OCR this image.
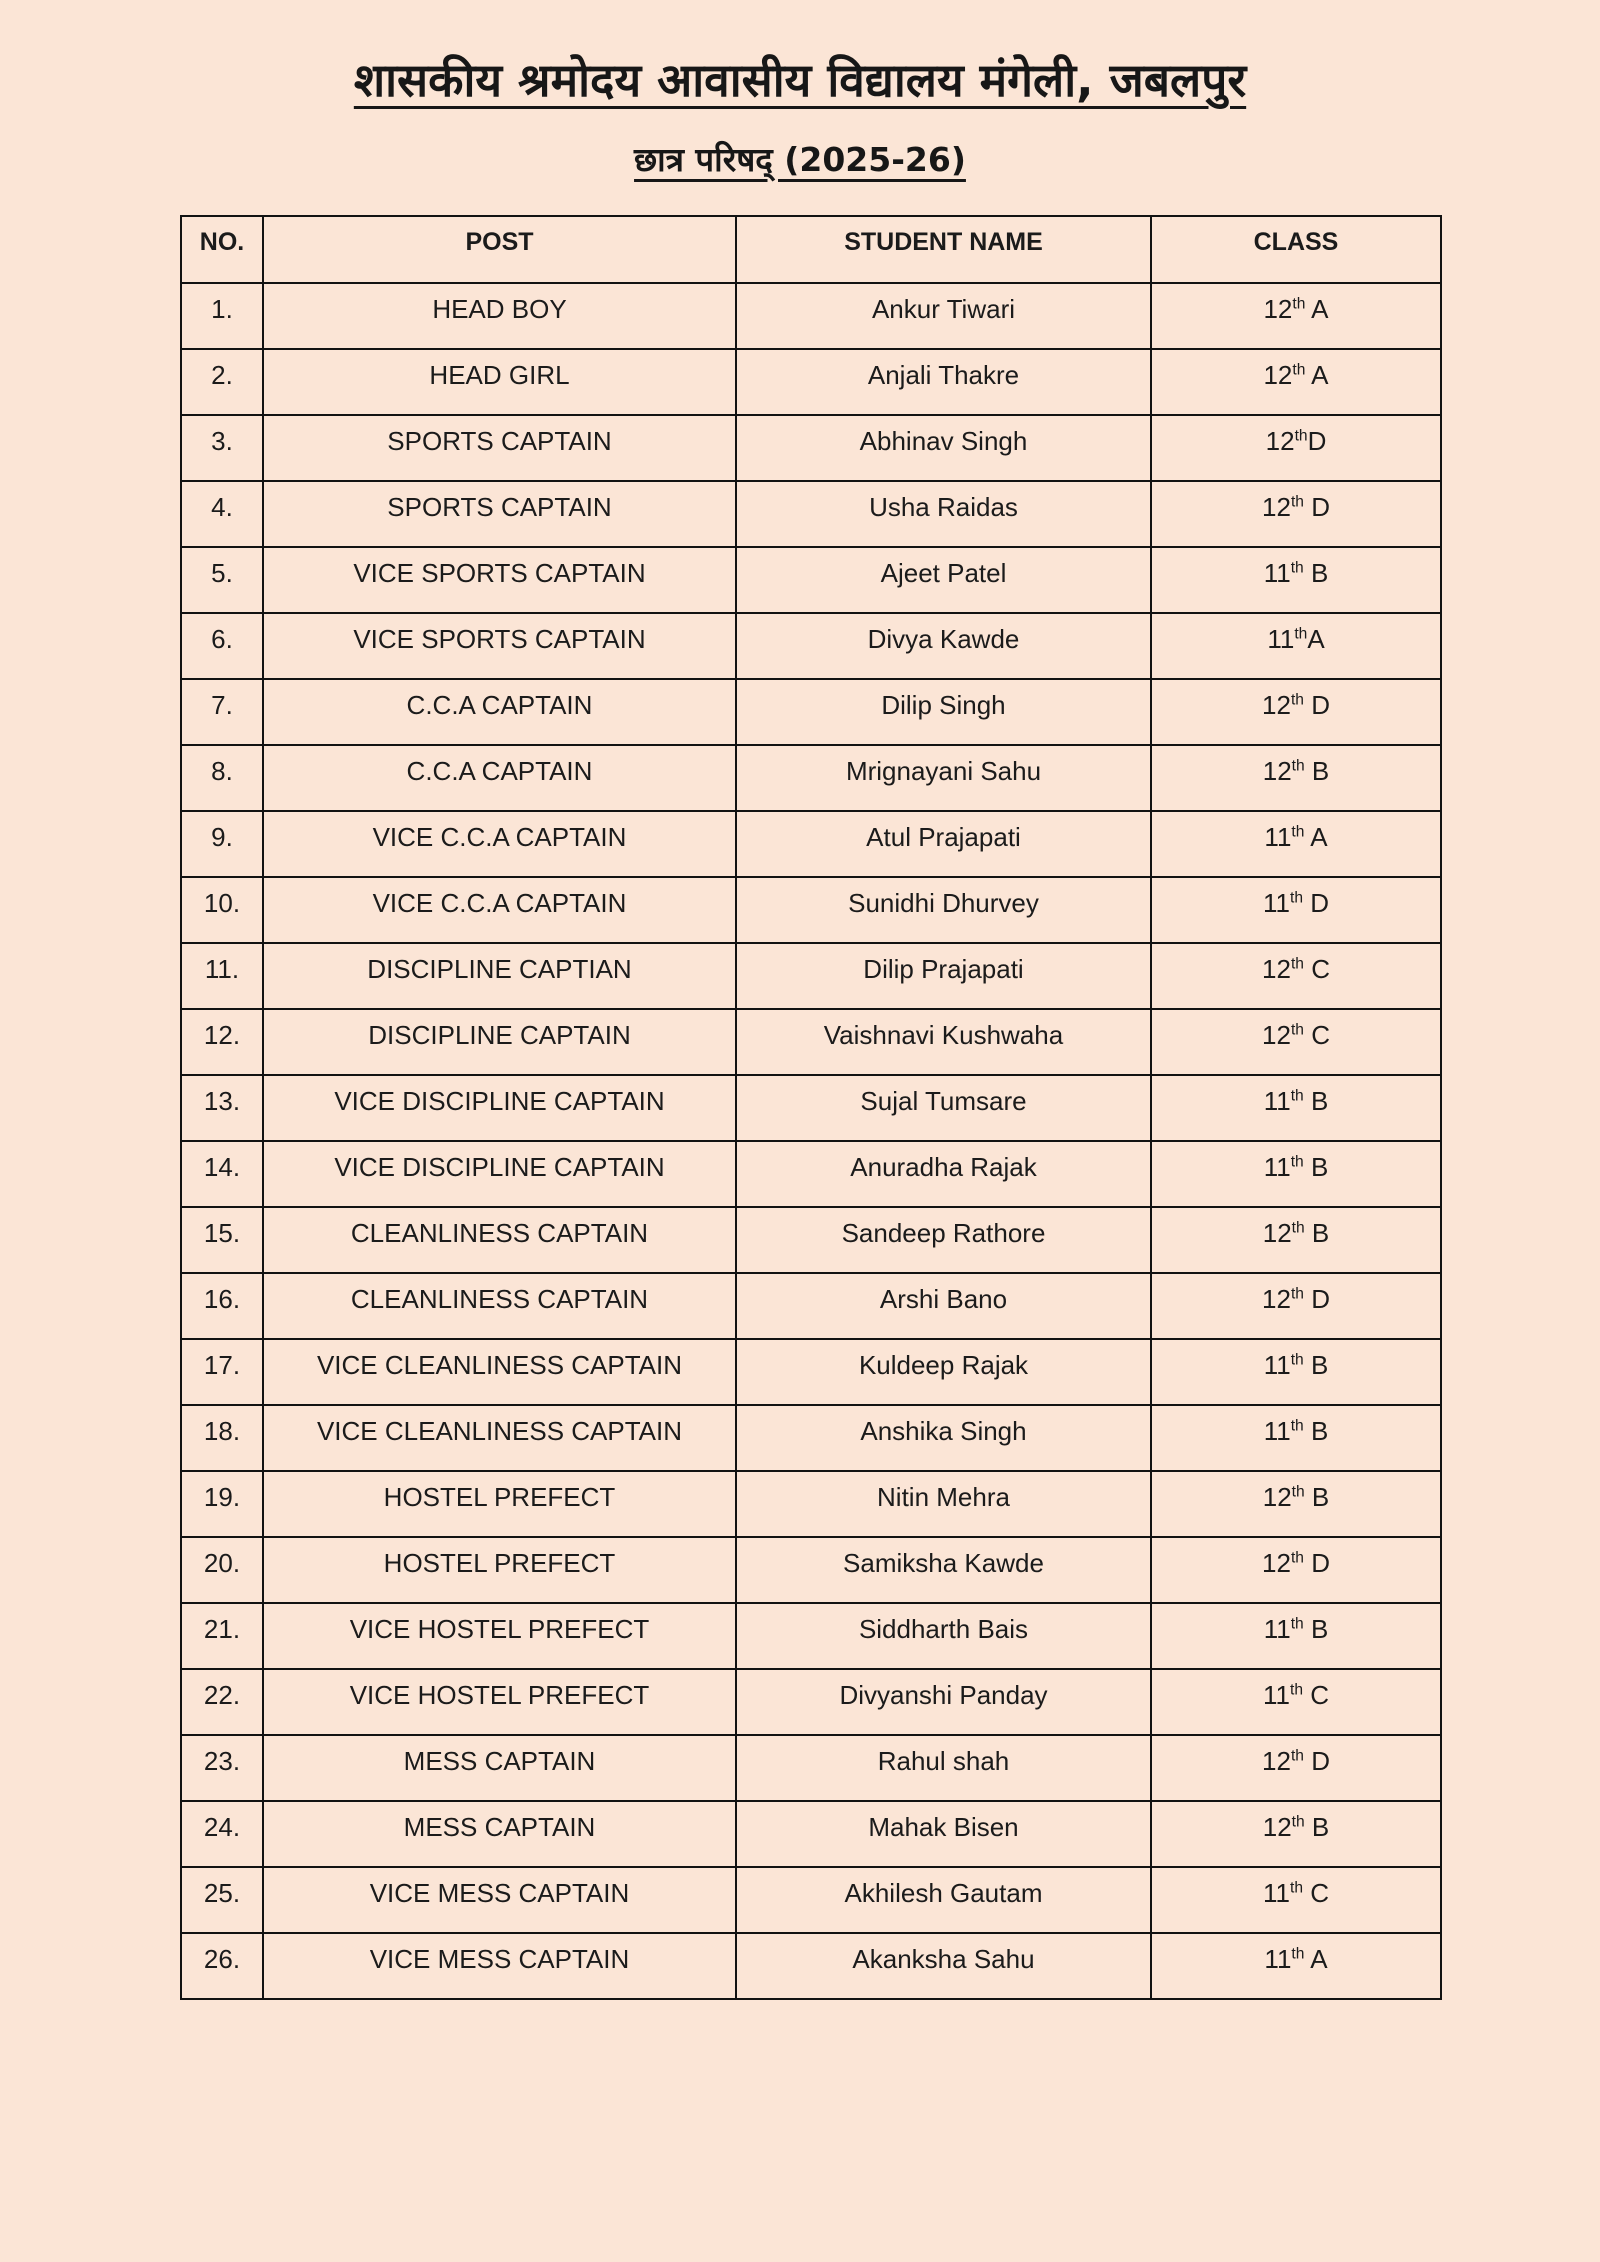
शासकीय श्रमोदय आवासीय विद्यालय मंगेली, जबलपुर
छात्र परिषद् (2025-26)
NO.	POST	STUDENT NAME	CLASS
1.	HEAD BOY	Ankur Tiwari	12th A
2.	HEAD GIRL	Anjali Thakre	12th A
3.	SPORTS CAPTAIN	Abhinav Singh	12thD
4.	SPORTS CAPTAIN	Usha Raidas	12th D
5.	VICE SPORTS CAPTAIN	Ajeet Patel	11th B
6.	VICE SPORTS CAPTAIN	Divya Kawde	11thA
7.	C.C.A CAPTAIN	Dilip Singh	12th D
8.	C.C.A CAPTAIN	Mrignayani Sahu	12th B
9.	VICE C.C.A CAPTAIN	Atul Prajapati	11th A
10.	VICE C.C.A CAPTAIN	Sunidhi Dhurvey	11th D
11.	DISCIPLINE CAPTIAN	Dilip Prajapati	12th C
12.	DISCIPLINE CAPTAIN	Vaishnavi Kushwaha	12th C
13.	VICE DISCIPLINE CAPTAIN	Sujal Tumsare	11th B
14.	VICE DISCIPLINE CAPTAIN	Anuradha Rajak	11th B
15.	CLEANLINESS CAPTAIN	Sandeep Rathore	12th B
16.	CLEANLINESS CAPTAIN	Arshi Bano	12th D
17.	VICE CLEANLINESS CAPTAIN	Kuldeep Rajak	11th B
18.	VICE CLEANLINESS CAPTAIN	Anshika Singh	11th B
19.	HOSTEL PREFECT	Nitin Mehra	12th B
20.	HOSTEL PREFECT	Samiksha Kawde	12th D
21.	VICE HOSTEL PREFECT	Siddharth Bais	11th B
22.	VICE HOSTEL PREFECT	Divyanshi Panday	11th C
23.	MESS CAPTAIN	Rahul shah	12th D
24.	MESS CAPTAIN	Mahak Bisen	12th B
25.	VICE MESS CAPTAIN	Akhilesh Gautam	11th C
26.	VICE MESS CAPTAIN	Akanksha Sahu	11th A
